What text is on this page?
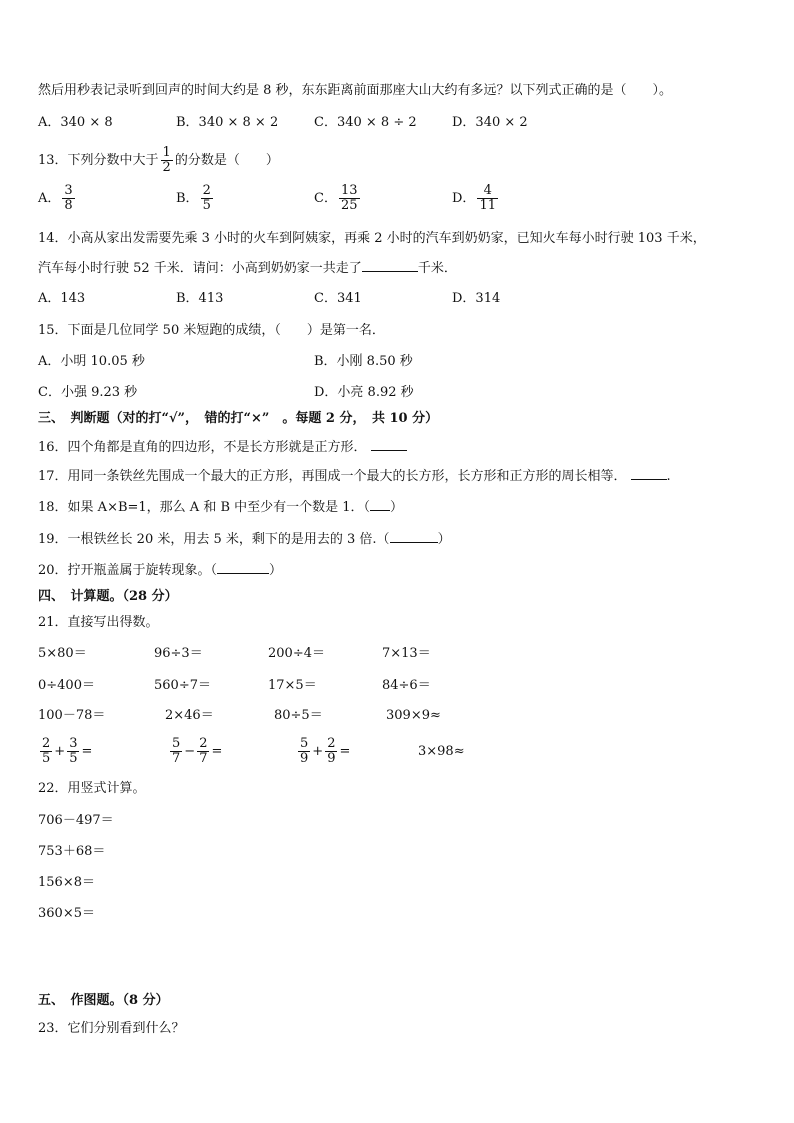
然后用秒表记录听到回声的时间大约是 8 秒，东东距离前面那座大山大约有多远？以下列式正确的是（　　）。
A．340 × 8	B．340 × 8 × 2	C．340 × 8 ÷ 2	D．340 × 2
13．下列分数中大于 $\frac{1}{2}$ 的分数是（　　）
A． $\frac{3}{8}$	B． $\frac{2}{5}$	C． $\frac{13}{25}$	D． $\frac{4}{11}$
14．小高从家出发需要先乘 3 小时的火车到阿姨家，再乘 2 小时的汽车到奶奶家，已知火车每小时行驶 103 千米，
汽车每小时行驶 52 千米．请问：小高到奶奶家一共走了	千米．
A．143	B．413	C．341	D．314
15．下面是几位同学 50 米短跑的成绩，（　　）是第一名．
A．小明 10.05 秒	B．小刚 8.50 秒
C．小强 9.23 秒	D．小亮 8.92 秒
三、　判断题（对的打“√”，　错的打“×”　。每题 2 分，　共 10 分）
16．四个角都是直角的四边形，不是长方形就是正方形．
17．用同一条铁丝先围成一个最大的正方形，再围成一个最大的长方形，长方形和正方形的周长相等．	.
18．如果 A×B=1，那么 A 和 B 中至少有一个数是 1．（ ）
19．一根铁丝长 20 米，用去 5 米，剩下的是用去的 3 倍.（	）
20．拧开瓶盖属于旋转现象。（	）
四、　计算题。（28 分）
21．直接写出得数。
5×80＝	96÷3＝	200÷4＝	7×13＝
0÷400＝	560÷7＝	17×5＝	84÷6＝
100－78＝	2×46＝	80÷5＝	309×9≈
$\frac{2}{5} + \frac{3}{5}$ =	$\frac{5}{7} - \frac{2}{7}$ =	$\frac{5}{9} + \frac{2}{9}$ =	3×98≈
22．用竖式计算。
706－497＝
753＋68＝
156×8＝
360×5＝
五、　作图题。（8 分）
23．它们分别看到什么？
